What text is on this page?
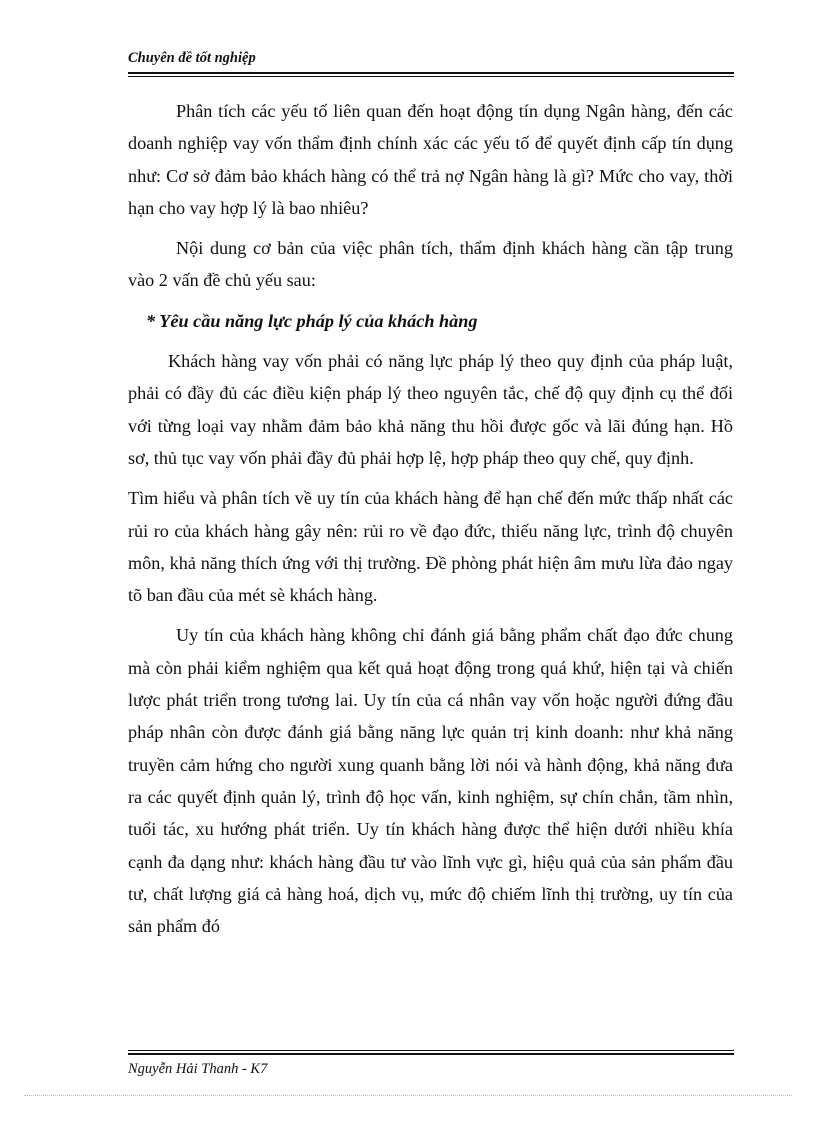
Chuyên đề tốt nghiệp

Phân tích các yếu tố liên quan đến hoạt động tín dụng Ngân hàng, đến các doanh nghiệp vay vốn thẩm định chính xác các yếu tố để quyết định cấp tín dụng như: Cơ sở đảm bảo khách hàng có thể trả nợ Ngân hàng là gì? Mức cho vay, thời hạn cho vay hợp lý là bao nhiêu?

Nội dung cơ bản của việc phân tích, thẩm định khách hàng cần tập trung vào 2 vấn đề chủ yếu sau:

* Yêu cầu năng lực pháp lý của khách hàng

Khách hàng vay vốn phải có năng lực pháp lý theo quy định của pháp luật, phải có đầy đủ các điều kiện pháp lý theo nguyên tắc, chế độ quy định cụ thể đối với từng loại vay nhằm đảm bảo khả năng thu hồi được gốc và lãi đúng hạn. Hồ sơ, thủ tục vay vốn phải đầy đủ phải hợp lệ, hợp pháp theo quy chế, quy định.

Tìm hiểu và phân tích về uy tín của khách hàng để hạn chế đến mức thấp nhất các rủi ro của khách hàng gây nên: rủi ro về đạo đức, thiếu năng lực, trình độ chuyên môn, khả năng thích ứng với thị trường. Đề phòng phát hiện âm mưu lừa đảo ngay tõ ban đầu của mét sè khách hàng.

Uy tín của khách hàng không chỉ đánh giá bằng phẩm chất đạo đức chung mà còn phải kiểm nghiệm qua kết quả hoạt động trong quá khứ, hiện tại và chiến lược phát triển trong tương lai. Uy tín của cá nhân vay vốn hoặc người đứng đầu pháp nhân còn được đánh giá bằng năng lực quản trị kinh doanh: như khả năng truyền cảm hứng cho người xung quanh bằng lời nói và hành động, khả năng đưa ra các quyết định quản lý, trình độ học vấn, kinh nghiệm, sự chín chắn, tầm nhìn, tuổi tác, xu hướng phát triển. Uy tín khách hàng được thể hiện dưới nhiều khía cạnh đa dạng như: khách hàng đầu tư vào lĩnh vực gì, hiệu quả của sản phẩm đầu tư, chất lượng giá cả hàng hoá, dịch vụ, mức độ chiếm lĩnh thị trường, uy tín của sản phẩm đó

Nguyễn Hải Thanh - K7
